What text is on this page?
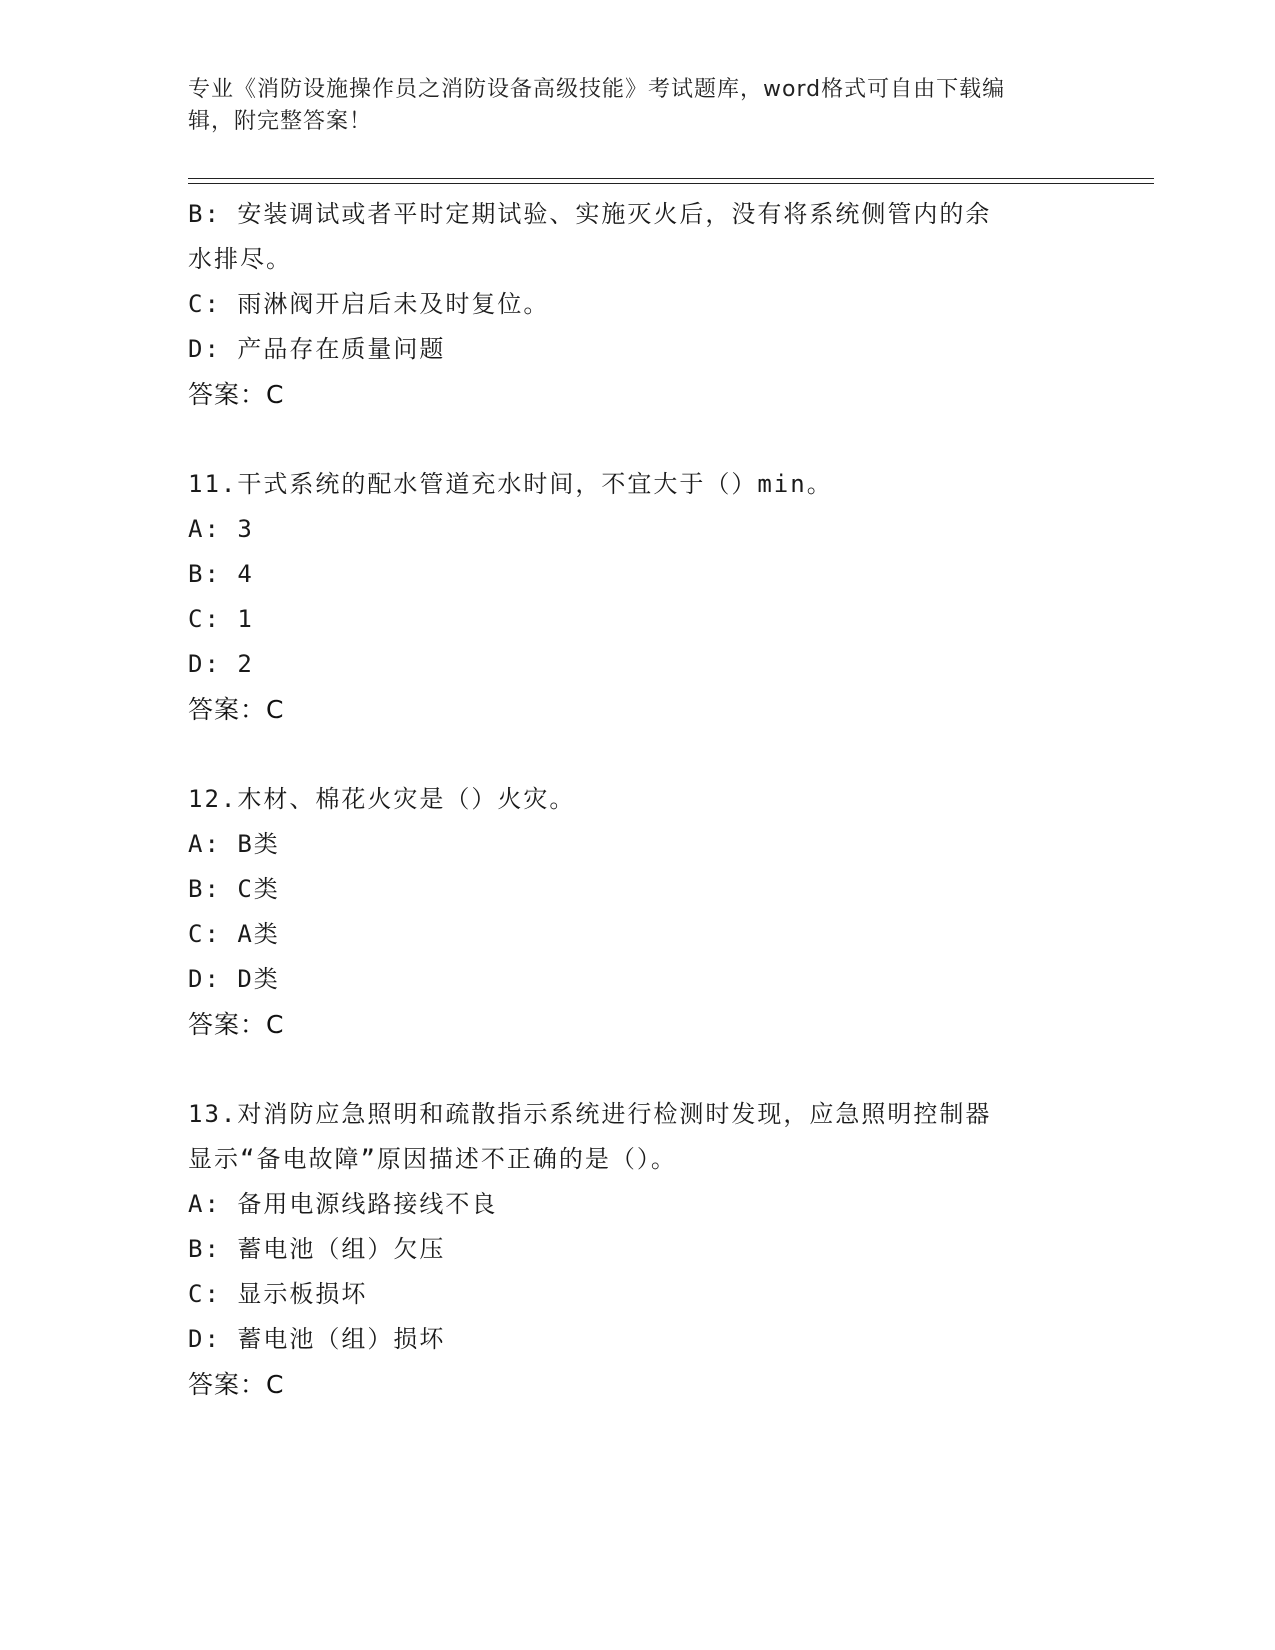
专业《消防设施操作员之消防设备高级技能》考试题库，word格式可自由下载编
辑，附完整答案！
B: 安装调试或者平时定期试验、实施灭火后，没有将系统侧管内的余
水排尽。
C: 雨淋阀开启后未及时复位。
D: 产品存在质量问题
答案：C
11.干式系统的配水管道充水时间，不宜大于（）min。
A: 3
B: 4
C: 1
D: 2
答案：C
12.木材、棉花火灾是（）火灾。
A: B类
B: C类
C: A类
D: D类
答案：C
13.对消防应急照明和疏散指示系统进行检测时发现，应急照明控制器
显示“备电故障”原因描述不正确的是（）。
A: 备用电源线路接线不良
B: 蓄电池（组）欠压
C: 显示板损坏
D: 蓄电池（组）损坏
答案：C
